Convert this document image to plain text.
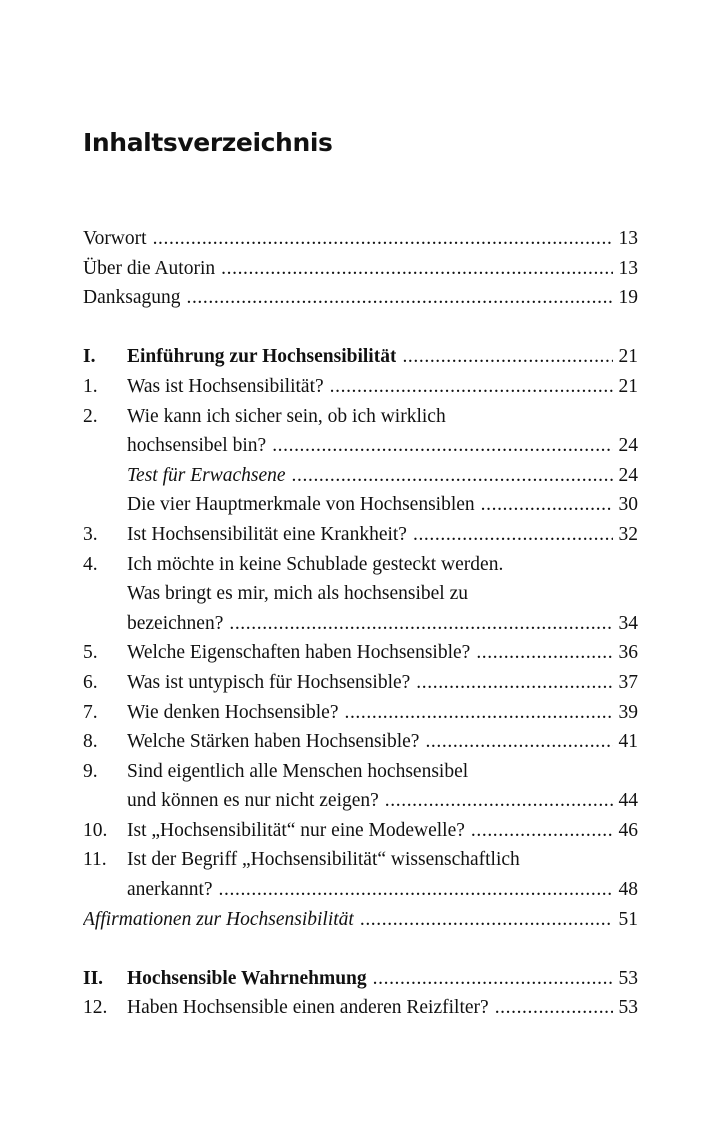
Inhaltsverzeichnis
Vorwort .....	13
Über die Autorin .....	13
Danksagung .....	19
I.	Einführung zur Hochsensibilität .....	21
1.	Was ist Hochsensibilität? .....	21
2.	Wie kann ich sicher sein, ob ich wirklich
hochsensibel bin? .....	24
Test für Erwachsene .....	24
Die vier Hauptmerkmale von Hochsensiblen .....	30
3.	Ist Hochsensibilität eine Krankheit? .....	32
4.	Ich möchte in keine Schublade gesteckt werden.
Was bringt es mir, mich als hochsensibel zu
bezeichnen? .....	34
5.	Welche Eigenschaften haben Hochsensible? .....	36
6.	Was ist untypisch für Hochsensible? .....	37
7.	Wie denken Hochsensible? .....	39
8.	Welche Stärken haben Hochsensible? .....	41
9.	Sind eigentlich alle Menschen hochsensibel
und können es nur nicht zeigen? .....	44
10.	Ist „Hochsensibilität“ nur eine Modewelle? .....	46
11.	Ist der Begriff „Hochsensibilität“ wissenschaftlich
anerkannt? .....	48
Affirmationen zur Hochsensibilität .....	51
II.	Hochsensible Wahrnehmung .....	53
12.	Haben Hochsensible einen anderen Reizfilter? .....	53
